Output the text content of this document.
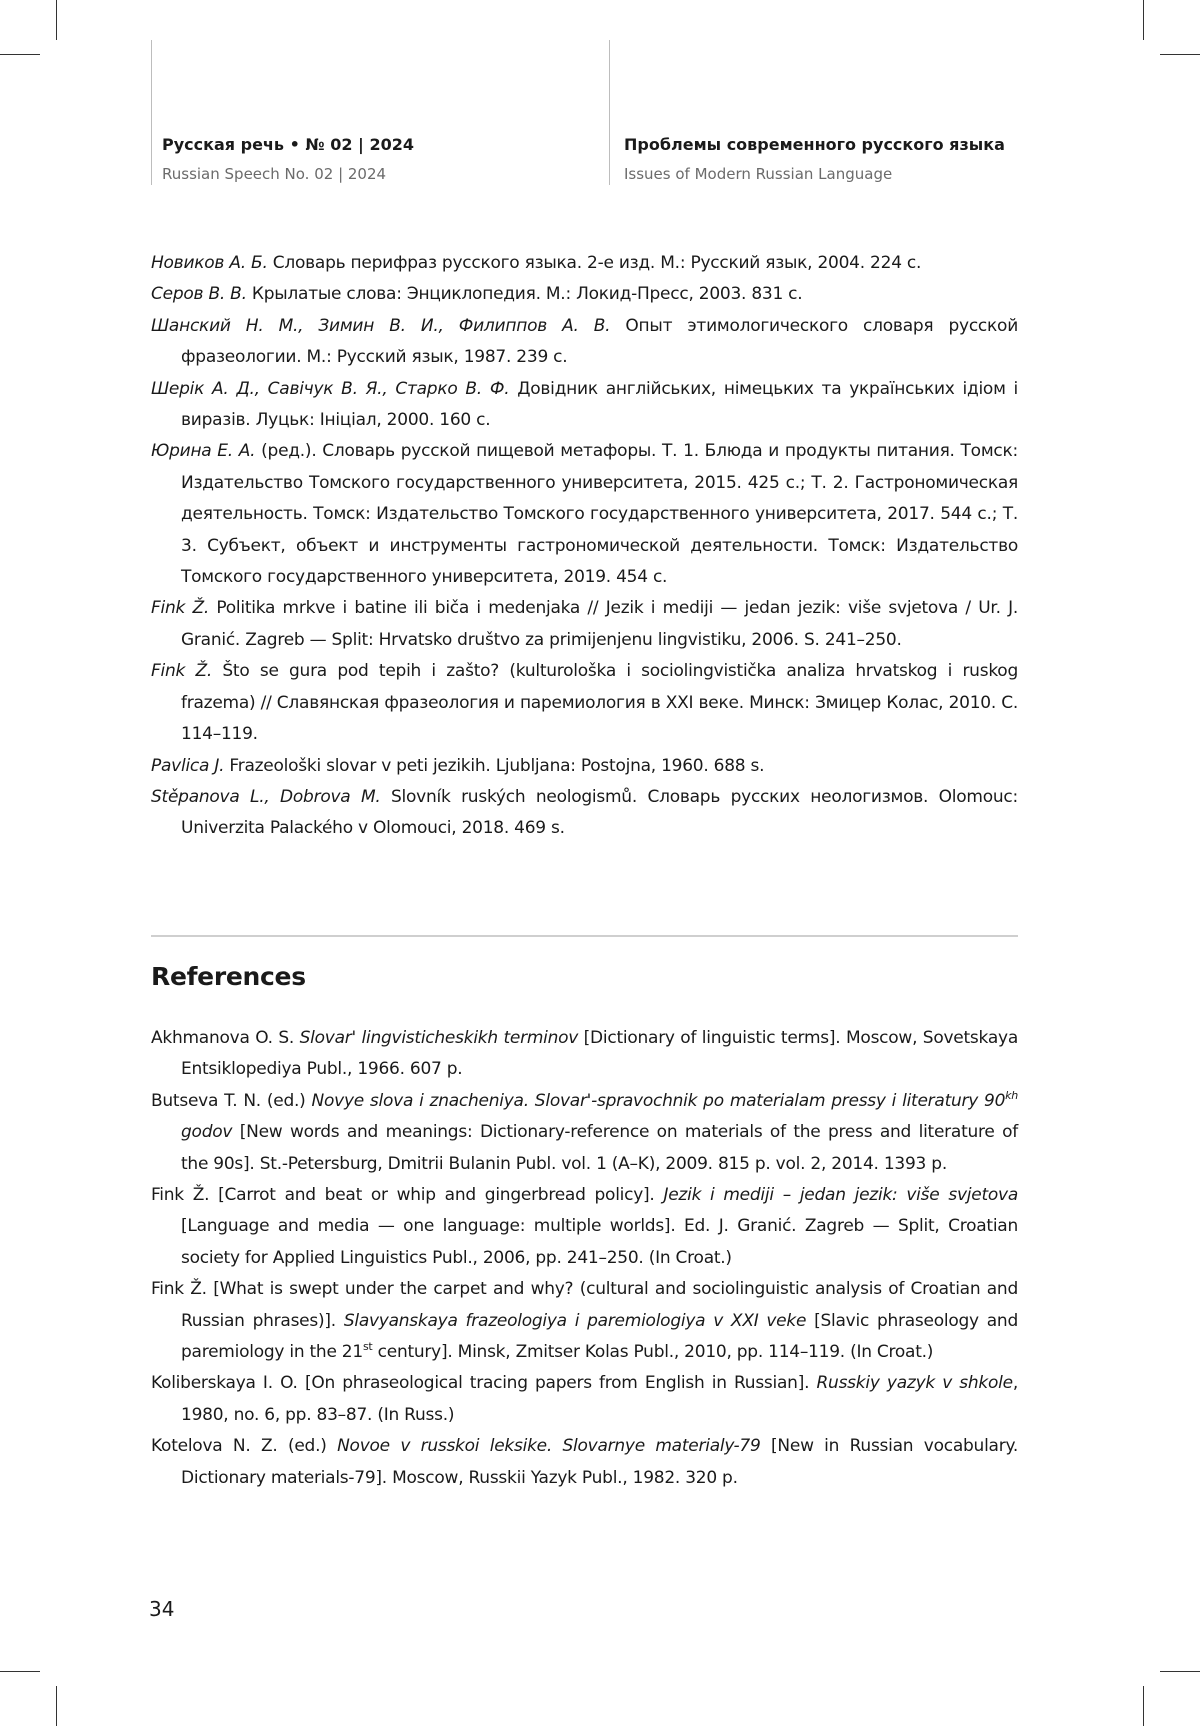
Русская речь • № 02 | 2024
Russian Speech No. 02 | 2024
Проблемы современного русского языка
Issues of Modern Russian Language
Новиков А. Б. Словарь перифраз русского языка. 2-е изд. М.: Русский язык, 2004. 224 с.
Серов В. В. Крылатые слова: Энциклопедия. М.: Локид-Пресс, 2003. 831 с.
Шанский Н. М., Зимин В. И., Филиппов А. В. Опыт этимологического словаря русской фразеологии. М.: Русский язык, 1987. 239 с.
Шерік А. Д., Савічук В. Я., Старко В. Ф. Довідник англійських, німецьких та українських ідіом і виразів. Луцьк: Ініціал, 2000. 160 с.
Юрина Е. А. (ред.). Словарь русской пищевой метафоры. Т. 1. Блюда и продукты питания. Томск: Издательство Томского государственного университета, 2015. 425 с.; Т. 2. Гастрономическая деятельность. Томск: Издательство Томского государственного университета, 2017. 544 с.; Т. 3. Субъект, объект и инструменты гастрономической деятельности. Томск: Издательство Томского государственного университета, 2019. 454 с.
Fink Ž. Politika mrkve i batine ili biča i medenjaka // Jezik i mediji — jedan jezik: više svjetova / Ur. J. Granić. Zagreb — Split: Hrvatsko društvo za primijenjenu lingvistiku, 2006. S. 241–250.
Fink Ž. Što se gura pod tepih i zašto? (kulturološka i sociolingvistička analiza hrvatskog i ruskog frazema) // Славянская фразеология и паремиология в XXI веке. Минск: Змицер Колас, 2010. С. 114–119.
Pavlica J. Frazeološki slovar v peti jezikih. Ljubljana: Postojna, 1960. 688 s.
Stěpanova L., Dobrova M. Slovník ruských neologismů. Словарь русских неологизмов. Olomouc: Univerzita Palackého v Olomouci, 2018. 469 s.
References
Akhmanova O. S. Slovar' lingvisticheskikh terminov [Dictionary of linguistic terms]. Moscow, Sovetskaya Entsiklopediya Publ., 1966. 607 p.
Butseva T. N. (ed.) Novye slova i znacheniya. Slovar'-spravochnik po materialam pressy i literatury $90^{kh}$ godov [New words and meanings: Dictionary-reference on materials of the press and literature of the 90s]. St.-Petersburg, Dmitrii Bulanin Publ. vol. 1 (A–K), 2009. 815 p. vol. 2, 2014. 1393 p.
Fink Ž. [Carrot and beat or whip and gingerbread policy]. Jezik i mediji – jedan jezik: više svjetova [Language and media — one language: multiple worlds]. Ed. J. Granić. Zagreb — Split, Croatian society for Applied Linguistics Publ., 2006, pp. 241–250. (In Croat.)
Fink Ž. [What is swept under the carpet and why? (cultural and sociolinguistic analysis of Croatian and Russian phrases)]. Slavyanskaya frazeologiya i paremiologiya v XXI veke [Slavic phraseology and paremiology in the 21st century]. Minsk, Zmitser Kolas Publ., 2010, pp. 114–119. (In Croat.)
Koliberskaya I. O. [On phraseological tracing papers from English in Russian]. Russkiy yazyk v shkole, 1980, no. 6, pp. 83–87. (In Russ.)
Kotelova N. Z. (ed.) Novoe v russkoi leksike. Slovarnye materialy-79 [New in Russian vocabulary. Dictionary materials-79]. Moscow, Russkii Yazyk Publ., 1982. 320 p.
34
